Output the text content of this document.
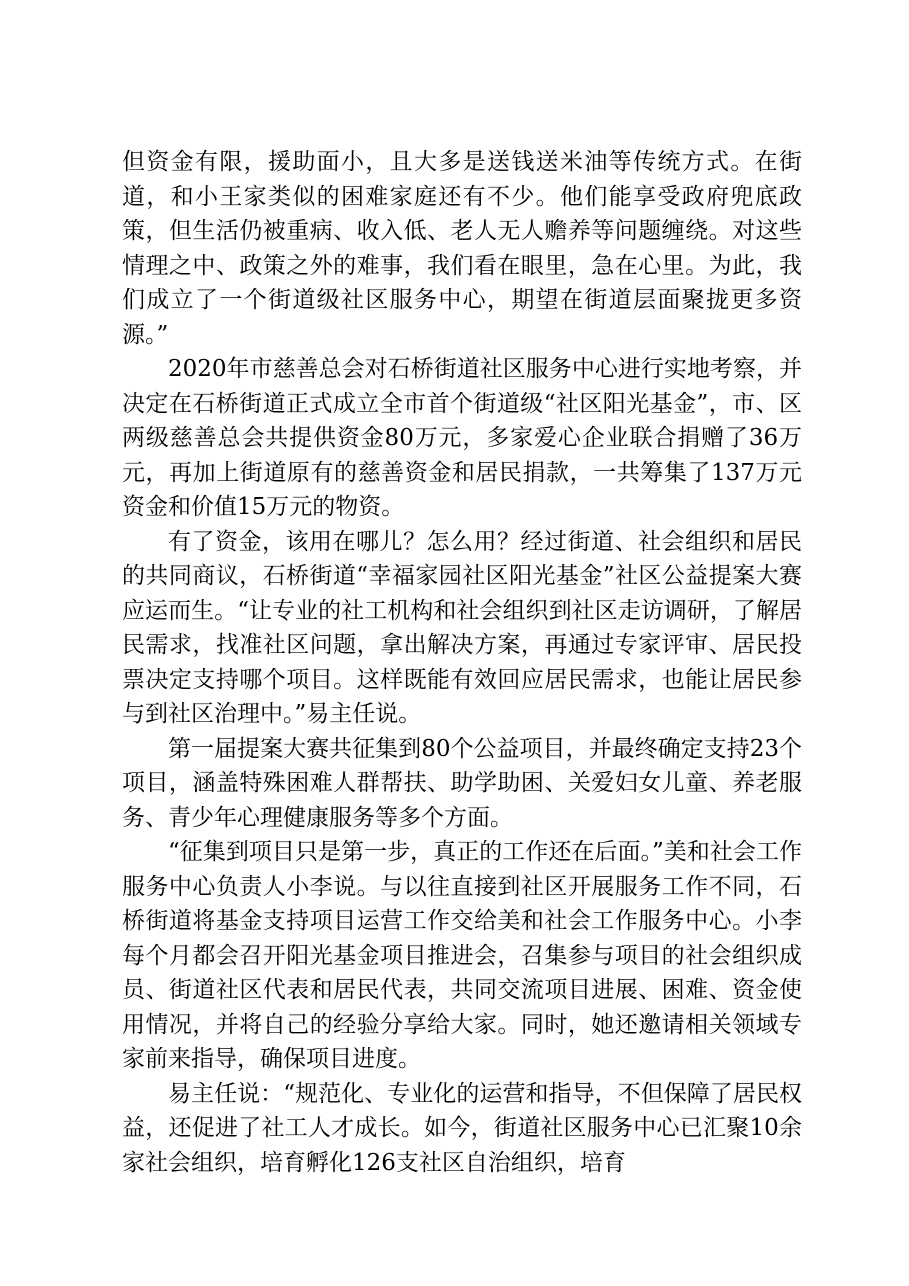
但资金有限，援助面小，且大多是送钱送米油等传统方式。在街道，和小王家类似的困难家庭还有不少。他们能享受政府兜底政策，但生活仍被重病、收入低、老人无人赡养等问题缠绕。对这些情理之中、政策之外的难事，我们看在眼里，急在心里。为此，我们成立了一个街道级社区服务中心，期望在街道层面聚拢更多资源。”

2020年市慈善总会对石桥街道社区服务中心进行实地考察，并决定在石桥街道正式成立全市首个街道级“社区阳光基金”，市、区两级慈善总会共提供资金80万元，多家爱心企业联合捐赠了36万元，再加上街道原有的慈善资金和居民捐款，一共筹集了137万元资金和价值15万元的物资。

有了资金，该用在哪儿？怎么用？经过街道、社会组织和居民的共同商议，石桥街道“幸福家园社区阳光基金”社区公益提案大赛应运而生。“让专业的社工机构和社会组织到社区走访调研，了解居民需求，找准社区问题，拿出解决方案，再通过专家评审、居民投票决定支持哪个项目。这样既能有效回应居民需求，也能让居民参与到社区治理中。”易主任说。

第一届提案大赛共征集到80个公益项目，并最终确定支持23个项目，涵盖特殊困难人群帮扶、助学助困、关爱妇女儿童、养老服务、青少年心理健康服务等多个方面。

“征集到项目只是第一步，真正的工作还在后面。”美和社会工作服务中心负责人小李说。与以往直接到社区开展服务工作不同，石桥街道将基金支持项目运营工作交给美和社会工作服务中心。小李每个月都会召开阳光基金项目推进会，召集参与项目的社会组织成员、街道社区代表和居民代表，共同交流项目进展、困难、资金使用情况，并将自己的经验分享给大家。同时，她还邀请相关领域专家前来指导，确保项目进度。

易主任说：“规范化、专业化的运营和指导，不但保障了居民权益，还促进了社工人才成长。如今，街道社区服务中心已汇聚10余家社会组织，培育孵化126支社区自治组织，培育
